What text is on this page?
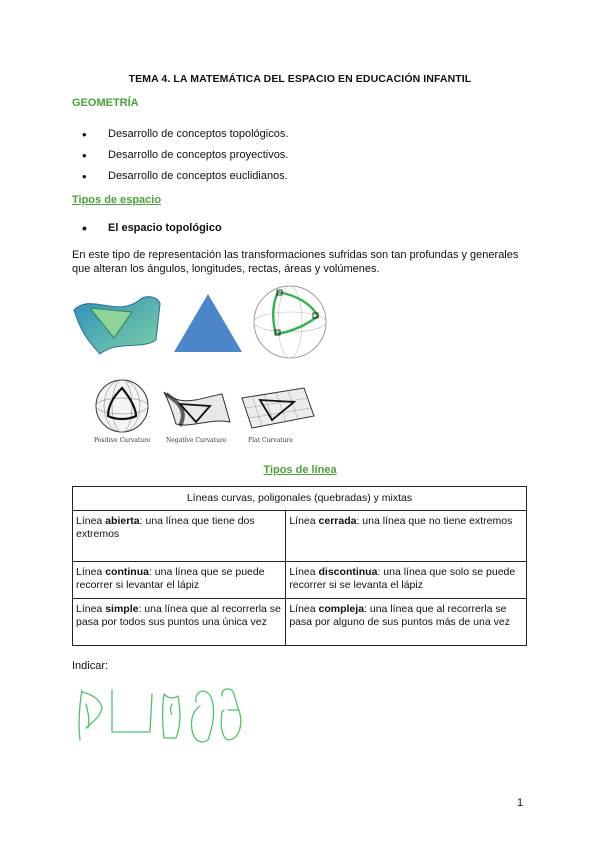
TEMA 4. LA MATEMÁTICA DEL ESPACIO EN EDUCACIÓN INFANTIL
GEOMETRÍA
• Desarrollo de conceptos topológicos.
• Desarrollo de conceptos proyectivos.
• Desarrollo de conceptos euclidianos.
Tipos de espacio
• El espacio topológico
En este tipo de representación las transformaciones sufridas son tan profundas y generales que alteran los ángulos, longitudes, rectas, áreas y volúmenes.
Positive Curvature	Negative Curvature	Flat Curvature
Tipos de línea
Líneas curvas, poligonales (quebradas) y mixtas	
Línea abierta: una línea que tiene dos extremos	Línea cerrada: una línea que no tiene extremos
Línea continua: una línea que se puede recorrer si levantar el lápiz	Línea discontinua: una línea que solo se puede recorrer si se levanta el lápiz
Línea simple: una línea que al recorrerla se pasa por todos sus puntos una única vez	Línea compleja: una línea que al recorrerla se pasa por alguno de sus puntos más de una vez
Indicar:
1
